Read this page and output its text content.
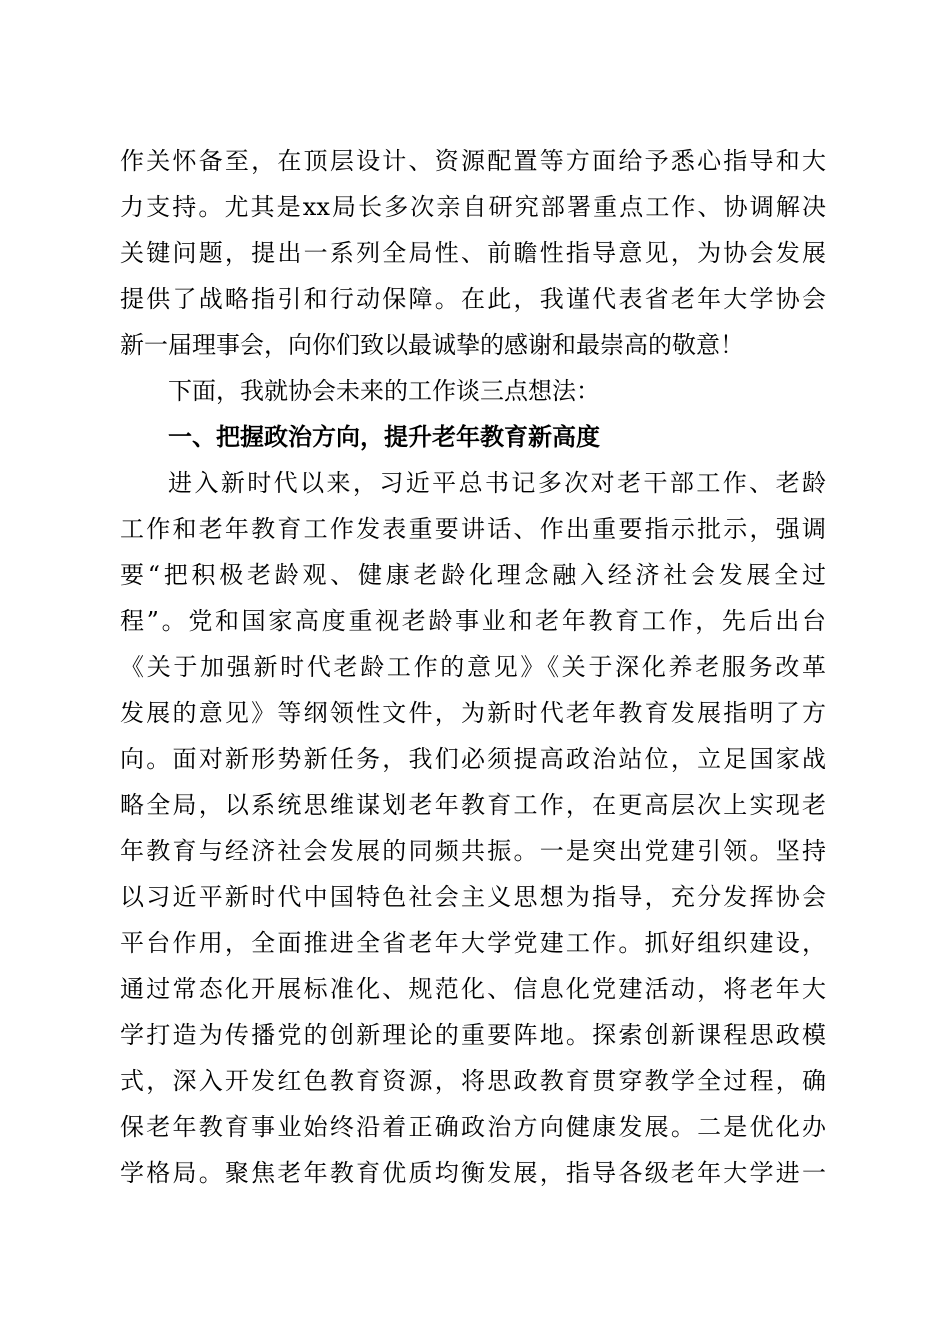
作关怀备至，在顶层设计、资源配置等方面给予悉心指导和大
力支持。尤其是xx局长多次亲自研究部署重点工作、协调解决
关键问题，提出一系列全局性、前瞻性指导意见，为协会发展
提供了战略指引和行动保障。在此，我谨代表省老年大学协会
新一届理事会，向你们致以最诚挚的感谢和最崇高的敬意！
下面，我就协会未来的工作谈三点想法：
一、把握政治方向，提升老年教育新高度
进入新时代以来，习近平总书记多次对老干部工作、老龄
工作和老年教育工作发表重要讲话、作出重要指示批示，强调
要“把积极老龄观、健康老龄化理念融入经济社会发展全过
程”。党和国家高度重视老龄事业和老年教育工作，先后出台
《关于加强新时代老龄工作的意见》《关于深化养老服务改革
发展的意见》等纲领性文件，为新时代老年教育发展指明了方
向。面对新形势新任务，我们必须提高政治站位，立足国家战
略全局，以系统思维谋划老年教育工作，在更高层次上实现老
年教育与经济社会发展的同频共振。一是突出党建引领。坚持
以习近平新时代中国特色社会主义思想为指导，充分发挥协会
平台作用，全面推进全省老年大学党建工作。抓好组织建设，
通过常态化开展标准化、规范化、信息化党建活动，将老年大
学打造为传播党的创新理论的重要阵地。探索创新课程思政模
式，深入开发红色教育资源，将思政教育贯穿教学全过程，确
保老年教育事业始终沿着正确政治方向健康发展。二是优化办
学格局。聚焦老年教育优质均衡发展，指导各级老年大学进一
